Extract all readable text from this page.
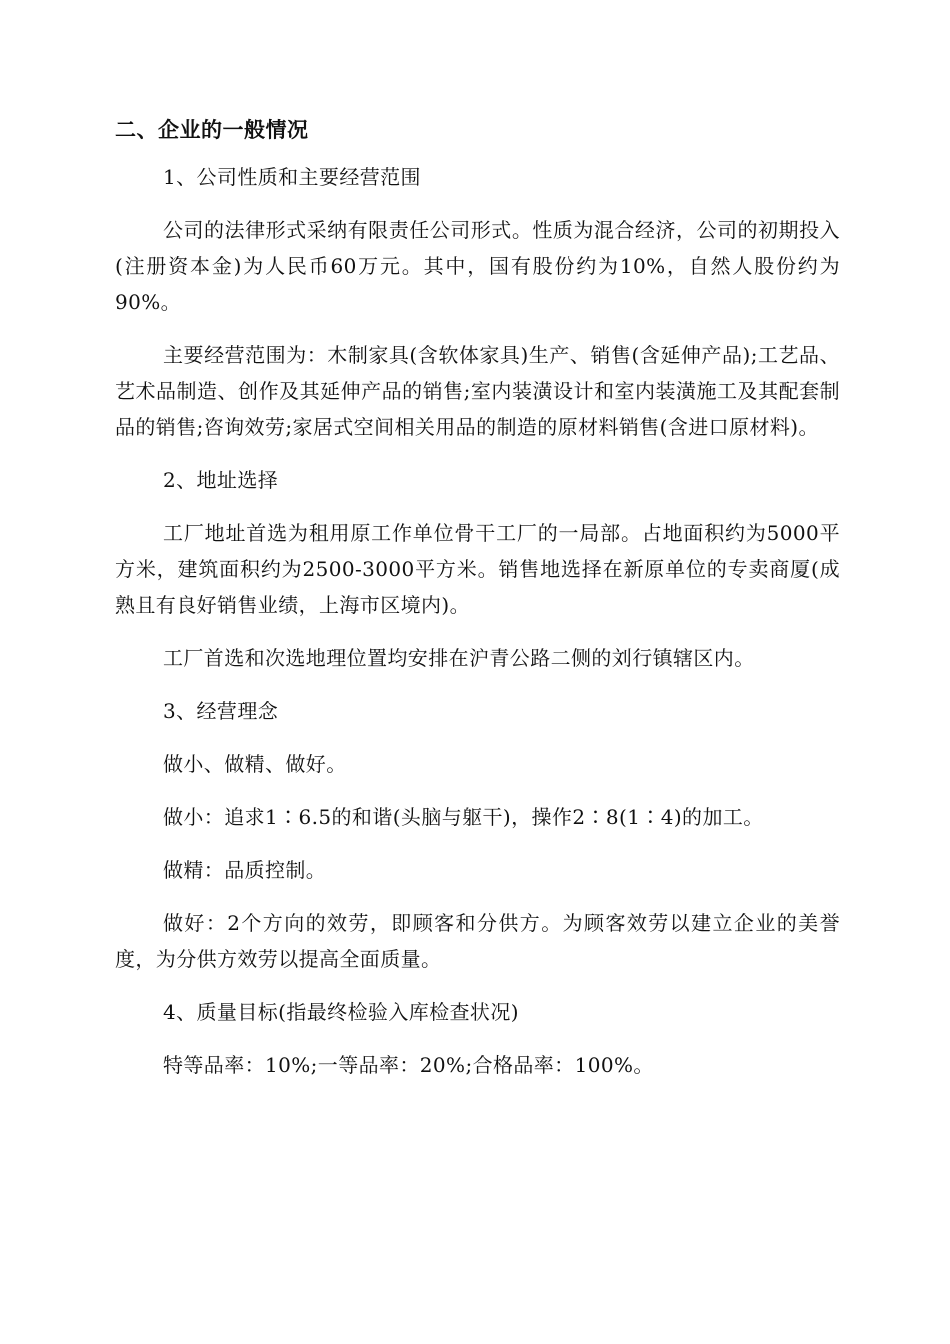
二、企业的一般情况

1、公司性质和主要经营范围

公司的法律形式采纳有限责任公司形式。性质为混合经济，公司的初期投入(注册资本金)为人民币60万元。其中，国有股份约为10%，自然人股份约为90%。

主要经营范围为：木制家具(含软体家具)生产、销售(含延伸产品);工艺品、艺术品制造、创作及其延伸产品的销售;室内装潢设计和室内装潢施工及其配套制品的销售;咨询效劳;家居式空间相关用品的制造的原材料销售(含进口原材料)。

2、地址选择

工厂地址首选为租用原工作单位骨干工厂的一局部。占地面积约为5000平方米，建筑面积约为2500-3000平方米。销售地选择在新原单位的专卖商厦(成熟且有良好销售业绩，上海市区境内)。

工厂首选和次选地理位置均安排在沪青公路二侧的刘行镇辖区内。

3、经营理念

做小、做精、做好。

做小：追求1∶6.5的和谐(头脑与躯干)，操作2∶8(1∶4)的加工。

做精：品质控制。

做好：2个方向的效劳，即顾客和分供方。为顾客效劳以建立企业的美誉度，为分供方效劳以提高全面质量。

4、质量目标(指最终检验入库检查状况)

特等品率：10%;一等品率：20%;合格品率：100%。
